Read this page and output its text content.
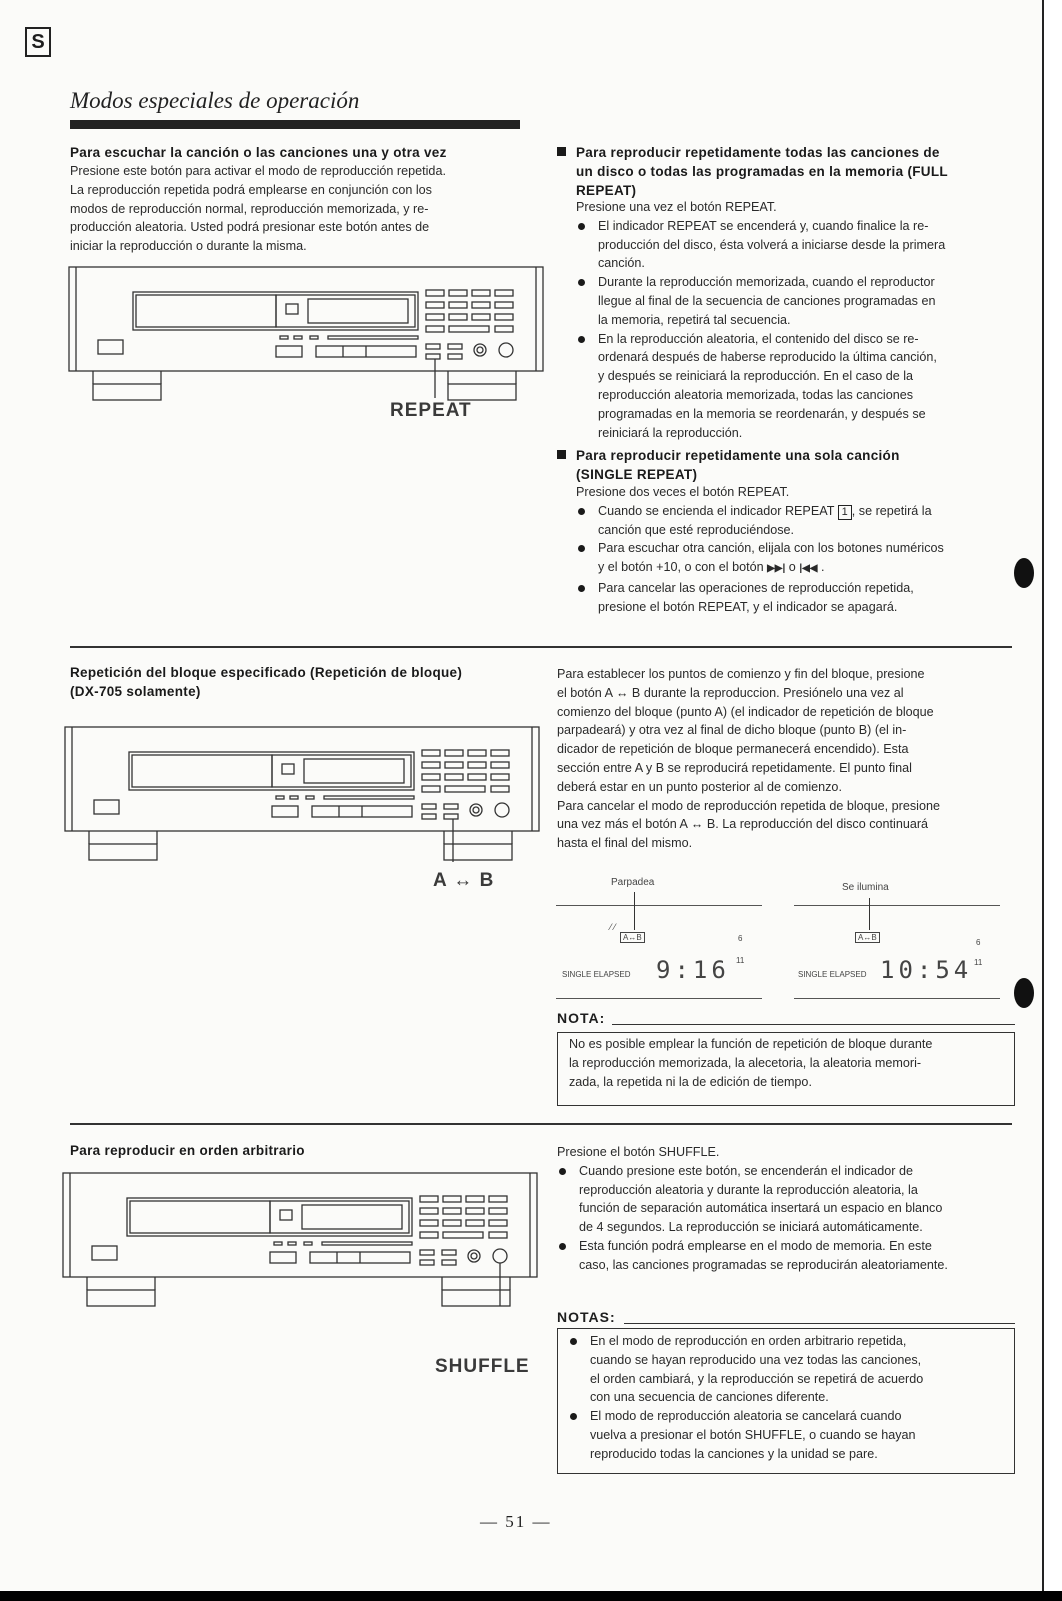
S
Modos especiales de operación
Para escuchar la canción o las canciones una y otra vez
Presione este botón para activar el modo de reproducción repetida.
La reproducción repetida podrá emplearse en conjunción con los
modos de reproducción normal, reproducción memorizada, y re-
producción aleatoria. Usted podrá presionar este botón antes de
iniciar la reproducción o durante la misma.
REPEAT
Para reproducir repetidamente todas las canciones de
un disco o todas las programadas en la memoria (FULL
REPEAT)
Presione una vez el botón REPEAT.
El indicador REPEAT se encenderá y, cuando finalice la re-
producción del disco, ésta volverá a iniciarse desde la primera
canción.
Durante la reproducción memorizada, cuando el reproductor
llegue al final de la secuencia de canciones programadas en
la memoria, repetirá tal secuencia.
En la reproducción aleatoria, el contenido del disco se re-
ordenará después de haberse reproducido la última canción,
y después se reiniciará la reproducción. En el caso de la
reproducción aleatoria memorizada, todas las canciones
programadas en la memoria se reordenarán, y después se
reiniciará la reproducción.
Para reproducir repetidamente una sola canción
(SINGLE REPEAT)
Presione dos veces el botón REPEAT.
Cuando se encienda el indicador REPEAT 1 , se repetirá la
canción que esté reproduciéndose.
Para escuchar otra canción, elijala con los botones numéricos
y el botón +10, o con el botón ▶▶| o |◀◀ .
Para cancelar las operaciones de reproducción repetida,
presione el botón REPEAT, y el indicador se apagará.
Repetición del bloque especificado (Repetición de bloque)
(DX-705 solamente)
A ↔ B
Para establecer los puntos de comienzo y fin del bloque, presione
el botón A ↔ B durante la reproduccion. Presiónelo una vez al
comienzo del bloque (punto A) (el indicador de repetición de bloque
parpadeará) y otra vez al final de dicho bloque (punto B) (el in-
dicador de repetición de bloque permanecerá encendido). Esta
sección entre A y B se reproducirá repetidamente. El punto final
deberá estar en un punto posterior al de comienzo.
Para cancelar el modo de reproducción repetida de bloque, presione
una vez más el botón A ↔ B. La reproducción del disco continuará
hasta el final del mismo.
Parpadea
A↔B
⁄ ⁄
6
11
SINGLE ELAPSED 9:16
Se ilumina
A↔B
6
11
SINGLE ELAPSED 10:54
NOTA:
No es posible emplear la función de repetición de bloque durante
la reproducción memorizada, la alecetoria, la aleatoria memori-
zada, la repetida ni la de edición de tiempo.
Para reproducir en orden arbitrario
SHUFFLE
Presione el botón SHUFFLE.
Cuando presione este botón, se encenderán el indicador de
reproducción aleatoria y durante la reproducción aleatoria, la
función de separación automática insertará un espacio en blanco
de 4 segundos. La reproducción se iniciará automáticamente.
Esta función podrá emplearse en el modo de memoria. En este
caso, las canciones programadas se reproducirán aleatoriamente.
NOTAS:
En el modo de reproducción en orden arbitrario repetida,
cuando se hayan reproducido una vez todas las canciones,
el orden cambiará, y la reproducción se repetirá de acuerdo
con una secuencia de canciones diferente.
El modo de reproducción aleatoria se cancelará cuando
vuelva a presionar el botón SHUFFLE, o cuando se hayan
reproducido todas la canciones y la unidad se pare.
— 51 —
